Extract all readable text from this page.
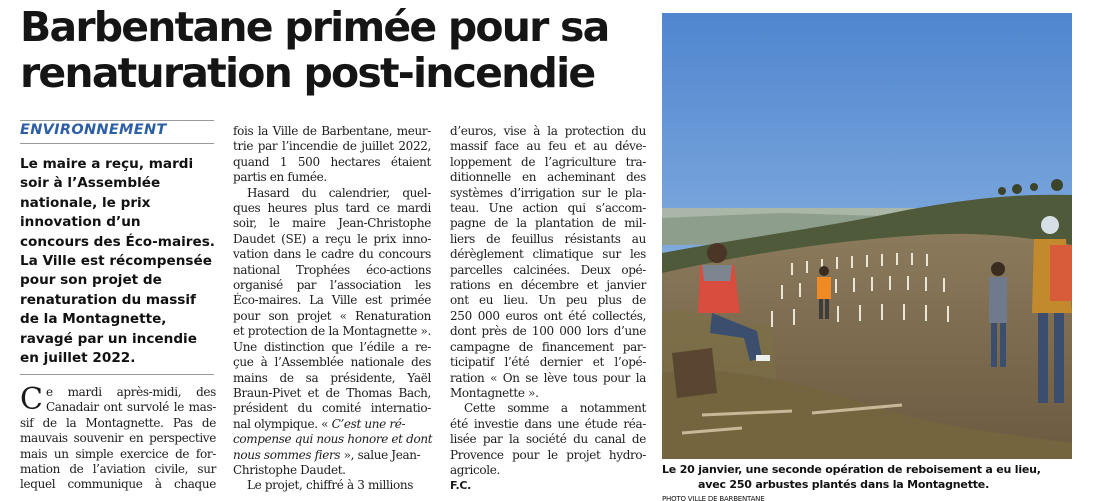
Barbentane primée pour sa
renaturation post-incendie
ENVIRONNEMENT
Le maire a reçu, mardi
soir à l’Assemblée
nationale, le prix
innovation d’un
concours des Éco-maires.
La Ville est récompensée
pour son projet de
renaturation du massif
de la Montagnette,
ravagé par un incendie
en juillet 2022.
C e mardi après-midi, des
Canadair ont survolé le mas-
sif de la Montagnette. Pas de
mauvais souvenir en perspective
mais un simple exercice de for-
mation de l’aviation civile, sur
lequel communique à chaque
fois la Ville de Barbentane, meur-
trie par l’incendie de juillet 2022,
quand 1 500 hectares étaient
partis en fumée.
Hasard du calendrier, quel-
ques heures plus tard ce mardi
soir, le maire Jean-Christophe
Daudet (SE) a reçu le prix inno-
vation dans le cadre du concours
national Trophées éco-actions
organisé par l’association les
Éco-maires. La Ville est primée
pour son projet « Renaturation
et protection de la Montagnette ».
Une distinction que l’édile a re-
çue à l’Assemblée nationale des
mains de sa présidente, Yaël
Braun-Pivet et de Thomas Bach,
président du comité internatio-
nal olympique. « C’est une ré-
compense qui nous honore et dont
nous sommes fiers », salue Jean-
Christophe Daudet.
Le projet, chiffré à 3 millions
d’euros, vise à la protection du
massif face au feu et au déve-
loppement de l’agriculture tra-
ditionnelle en acheminant des
systèmes d’irrigation sur le pla-
teau. Une action qui s’accom-
pagne de la plantation de mil-
liers de feuillus résistants au
dérèglement climatique sur les
parcelles calcinées. Deux opé-
rations en décembre et janvier
ont eu lieu. Un peu plus de
250 000 euros ont été collectés,
dont près de 100 000 lors d’une
campagne de financement par-
ticipatif l’été dernier et l’opé-
ration « On se lève tous pour la
Montagnette ».
Cette somme a notamment
été investie dans une étude réa-
lisée par la société du canal de
Provence pour le projet hydro-
agricole.
F.C.
Le 20 janvier, une seconde opération de reboisement a eu lieu,
avec 250 arbustes plantés dans la Montagnette.
PHOTO VILLE DE BARBENTANE
